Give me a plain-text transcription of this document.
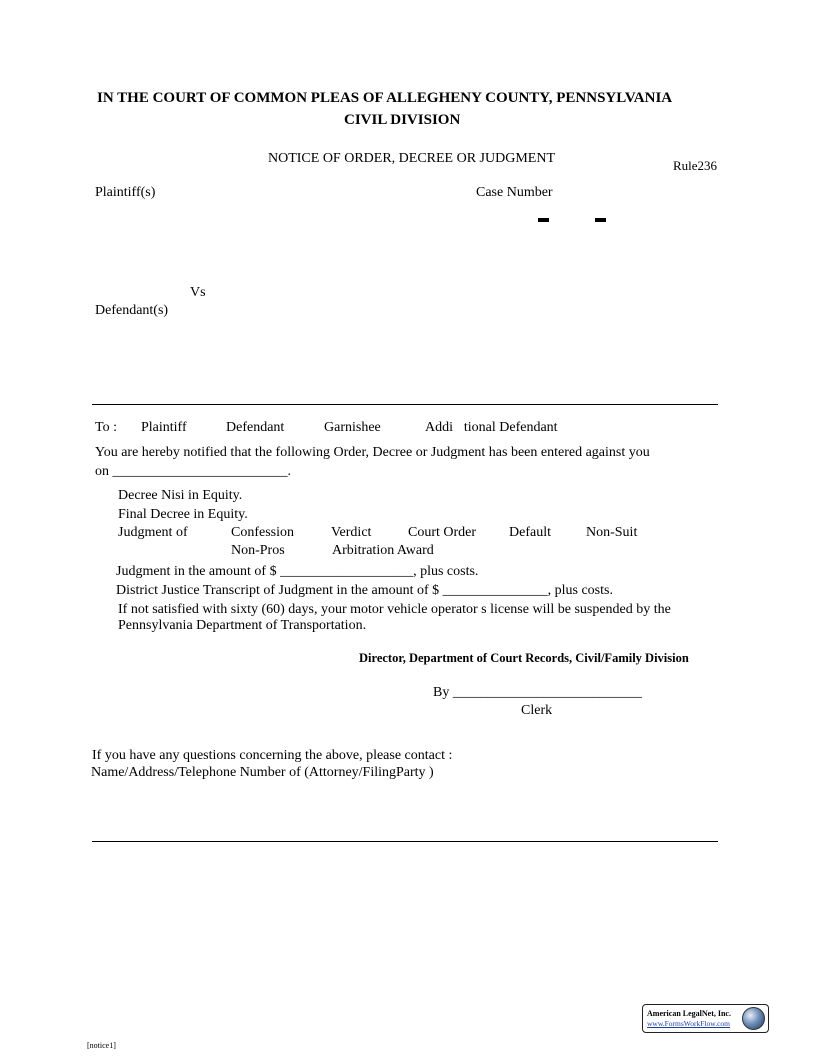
IN THE COURT OF COMMON PLEAS OF ALLEGHENY COUNTY, PENNSYLVANIA
CIVIL DIVISION
NOTICE OF ORDER, DECREE OR JUDGMENT	Rule236
Plaintiff(s)	Case Number
Vs
Defendant(s)
To : Plaintiff	Defendant	Garnishee	Addi tional Defendant
You are hereby notified that the following Order, Decree or Judgment has been entered against you
on _________________________.
Decree Nisi in Equity.
Final Decree in Equity.
Judgment of	Confession	Verdict	Court Order Default	Non-Suit
Non-Pros	Arbitration Award
Judgment in the amount of $ ___________________, plus costs.
District Justice Transcript of Judgment in the amount of $ _______________, plus costs.
If not satisfied with sixty (60) days, your motor vehicle operator s license will be suspended by the
Pennsylvania Department of Transportation.
Director, Department of Court Records, Civil/Family Division
By ___________________________
Clerk
If you have any questions concerning the above, please contact :
Name/Address/Telephone Number of (Attorney/FilingParty )
American LegalNet, Inc.
www.FormsWorkFlow.com
[notice1]
